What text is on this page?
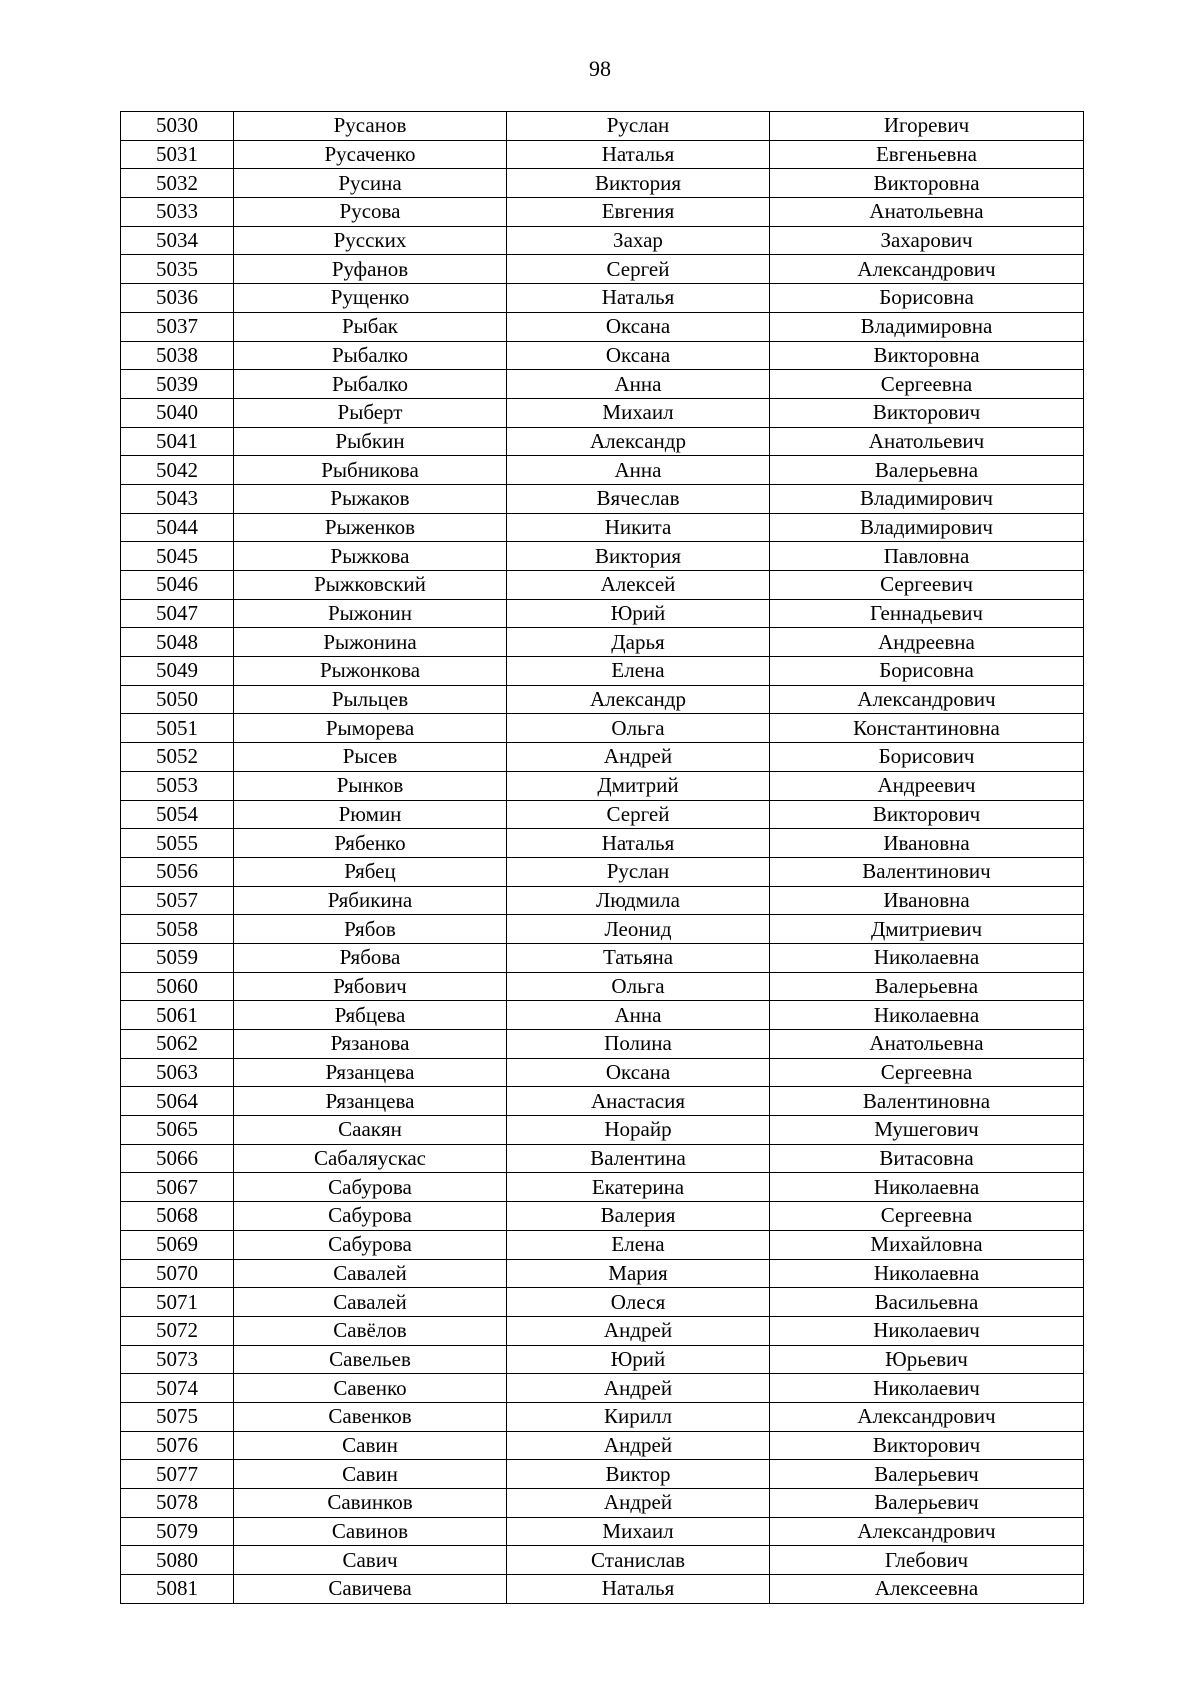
98
5030	Русанов	Руслан	Игоревич
5031	Русаченко	Наталья	Евгеньевна
5032	Русина	Виктория	Викторовна
5033	Русова	Евгения	Анатольевна
5034	Русских	Захар	Захарович
5035	Руфанов	Сергей	Александрович
5036	Рущенко	Наталья	Борисовна
5037	Рыбак	Оксана	Владимировна
5038	Рыбалко	Оксана	Викторовна
5039	Рыбалко	Анна	Сергеевна
5040	Рыберт	Михаил	Викторович
5041	Рыбкин	Александр	Анатольевич
5042	Рыбникова	Анна	Валерьевна
5043	Рыжаков	Вячеслав	Владимирович
5044	Рыженков	Никита	Владимирович
5045	Рыжкова	Виктория	Павловна
5046	Рыжковский	Алексей	Сергеевич
5047	Рыжонин	Юрий	Геннадьевич
5048	Рыжонина	Дарья	Андреевна
5049	Рыжонкова	Елена	Борисовна
5050	Рыльцев	Александр	Александрович
5051	Рыморева	Ольга	Константиновна
5052	Рысев	Андрей	Борисович
5053	Рынков	Дмитрий	Андреевич
5054	Рюмин	Сергей	Викторович
5055	Рябенко	Наталья	Ивановна
5056	Рябец	Руслан	Валентинович
5057	Рябикина	Людмила	Ивановна
5058	Рябов	Леонид	Дмитриевич
5059	Рябова	Татьяна	Николаевна
5060	Рябович	Ольга	Валерьевна
5061	Рябцева	Анна	Николаевна
5062	Рязанова	Полина	Анатольевна
5063	Рязанцева	Оксана	Сергеевна
5064	Рязанцева	Анастасия	Валентиновна
5065	Саакян	Норайр	Мушегович
5066	Сабаляускас	Валентина	Витасовна
5067	Сабурова	Екатерина	Николаевна
5068	Сабурова	Валерия	Сергеевна
5069	Сабурова	Елена	Михайловна
5070	Савалей	Мария	Николаевна
5071	Савалей	Олеся	Васильевна
5072	Савёлов	Андрей	Николаевич
5073	Савельев	Юрий	Юрьевич
5074	Савенко	Андрей	Николаевич
5075	Савенков	Кирилл	Александрович
5076	Савин	Андрей	Викторович
5077	Савин	Виктор	Валерьевич
5078	Савинков	Андрей	Валерьевич
5079	Савинов	Михаил	Александрович
5080	Савич	Станислав	Глебович
5081	Савичева	Наталья	Алексеевна
